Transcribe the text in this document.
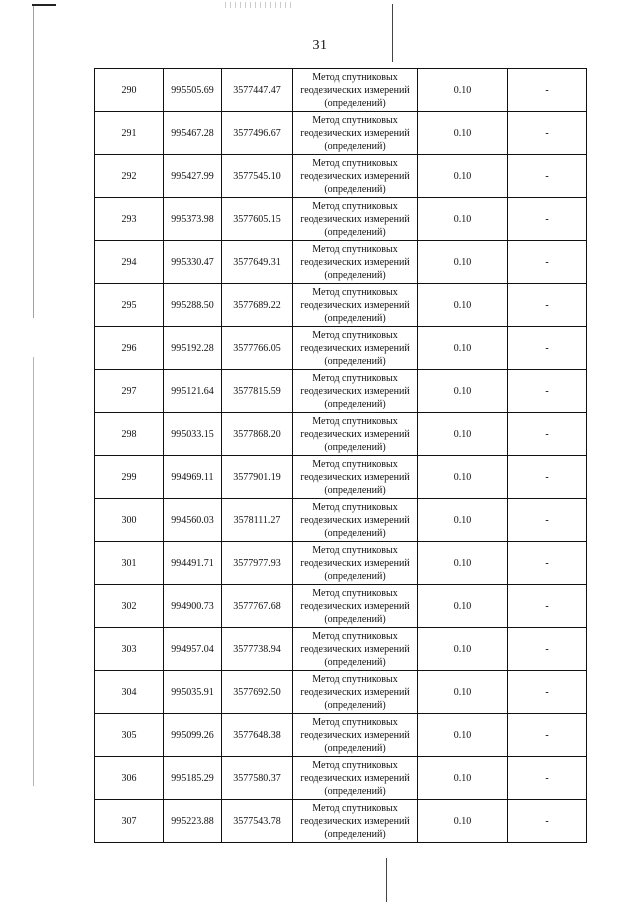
31
290	995505.69	3577447.47	Метод спутниковых
геодезических измерений
(определений)	0.10	-
291	995467.28	3577496.67	Метод спутниковых
геодезических измерений
(определений)	0.10	-
292	995427.99	3577545.10	Метод спутниковых
геодезических измерений
(определений)	0.10	-
293	995373.98	3577605.15	Метод спутниковых
геодезических измерений
(определений)	0.10	-
294	995330.47	3577649.31	Метод спутниковых
геодезических измерений
(определений)	0.10	-
295	995288.50	3577689.22	Метод спутниковых
геодезических измерений
(определений)	0.10	-
296	995192.28	3577766.05	Метод спутниковых
геодезических измерений
(определений)	0.10	-
297	995121.64	3577815.59	Метод спутниковых
геодезических измерений
(определений)	0.10	-
298	995033.15	3577868.20	Метод спутниковых
геодезических измерений
(определений)	0.10	-
299	994969.11	3577901.19	Метод спутниковых
геодезических измерений
(определений)	0.10	-
300	994560.03	3578111.27	Метод спутниковых
геодезических измерений
(определений)	0.10	-
301	994491.71	3577977.93	Метод спутниковых
геодезических измерений
(определений)	0.10	-
302	994900.73	3577767.68	Метод спутниковых
геодезических измерений
(определений)	0.10	-
303	994957.04	3577738.94	Метод спутниковых
геодезических измерений
(определений)	0.10	-
304	995035.91	3577692.50	Метод спутниковых
геодезических измерений
(определений)	0.10	-
305	995099.26	3577648.38	Метод спутниковых
геодезических измерений
(определений)	0.10	-
306	995185.29	3577580.37	Метод спутниковых
геодезических измерений
(определений)	0.10	-
307	995223.88	3577543.78	Метод спутниковых
геодезических измерений
(определений)	0.10	-
